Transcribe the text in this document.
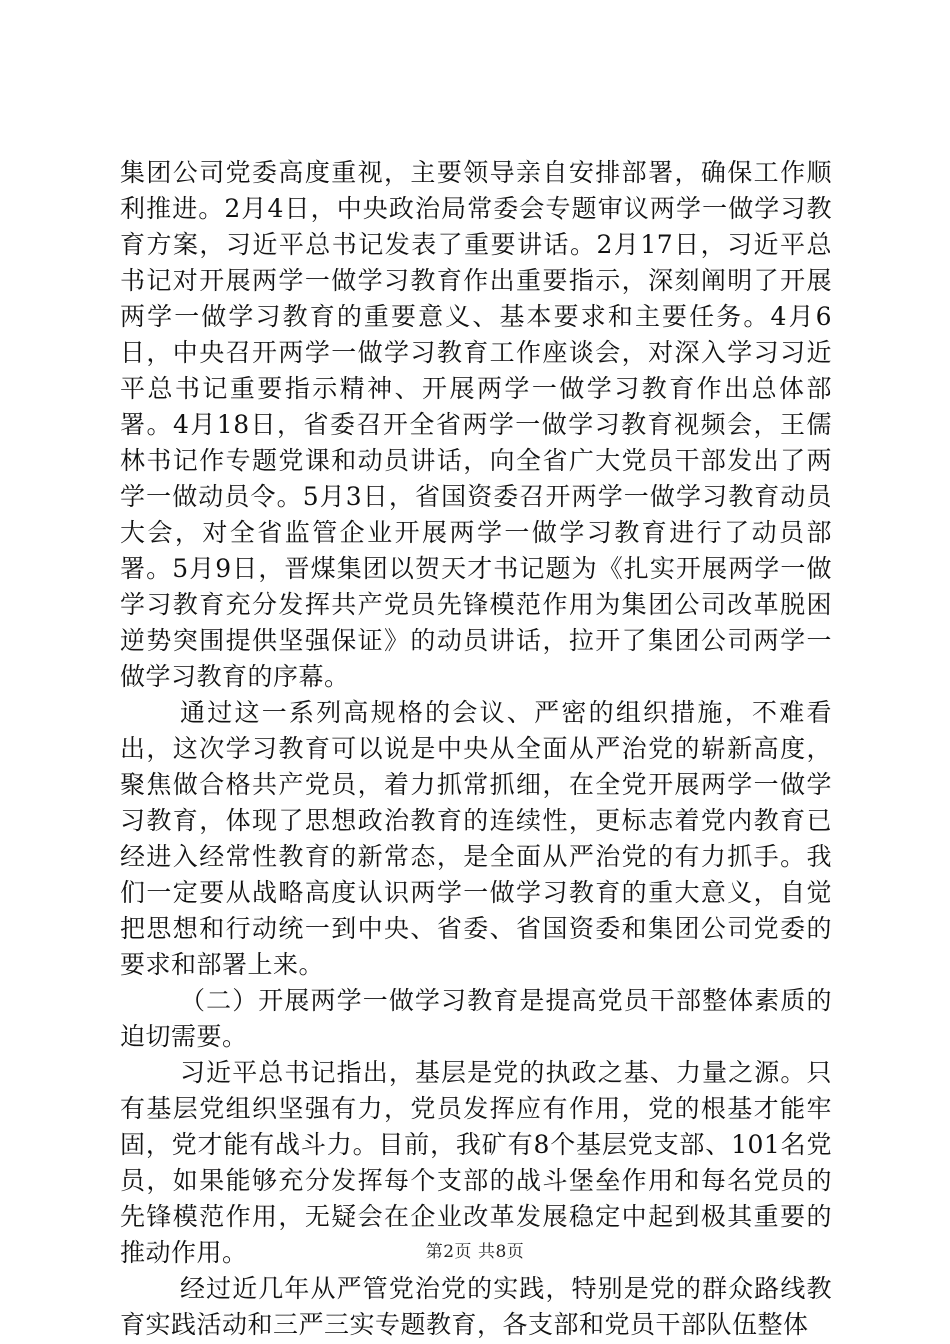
集团公司党委高度重视，主要领导亲自安排部署，确保工作顺利推进。2月4日，中央政治局常委会专题审议两学一做学习教育方案，习近平总书记发表了重要讲话。2月17日，习近平总书记对开展两学一做学习教育作出重要指示，深刻阐明了开展两学一做学习教育的重要意义、基本要求和主要任务。4月6日，中央召开两学一做学习教育工作座谈会，对深入学习习近平总书记重要指示精神、开展两学一做学习教育作出总体部署。4月18日，省委召开全省两学一做学习教育视频会，王儒林书记作专题党课和动员讲话，向全省广大党员干部发出了两学一做动员令。5月3日，省国资委召开两学一做学习教育动员大会，对全省监管企业开展两学一做学习教育进行了动员部署。5月9日，晋煤集团以贺天才书记题为《扎实开展两学一做学习教育充分发挥共产党员先锋模范作用为集团公司改革脱困逆势突围提供坚强保证》的动员讲话，拉开了集团公司两学一做学习教育的序幕。

通过这一系列高规格的会议、严密的组织措施，不难看出，这次学习教育可以说是中央从全面从严治党的崭新高度，聚焦做合格共产党员，着力抓常抓细，在全党开展两学一做学习教育，体现了思想政治教育的连续性，更标志着党内教育已经进入经常性教育的新常态，是全面从严治党的有力抓手。我们一定要从战略高度认识两学一做学习教育的重大意义，自觉把思想和行动统一到中央、省委、省国资委和集团公司党委的要求和部署上来。

（二）开展两学一做学习教育是提高党员干部整体素质的迫切需要。

习近平总书记指出，基层是党的执政之基、力量之源。只有基层党组织坚强有力，党员发挥应有作用，党的根基才能牢固，党才能有战斗力。目前，我矿有8个基层党支部、101名党员，如果能够充分发挥每个支部的战斗堡垒作用和每名党员的先锋模范作用，无疑会在企业改革发展稳定中起到极其重要的推动作用。

经过近几年从严管党治党的实践，特别是党的群众路线教育实践活动和三严三实专题教育，各支部和党员干部队伍整体

第2页 共8页
